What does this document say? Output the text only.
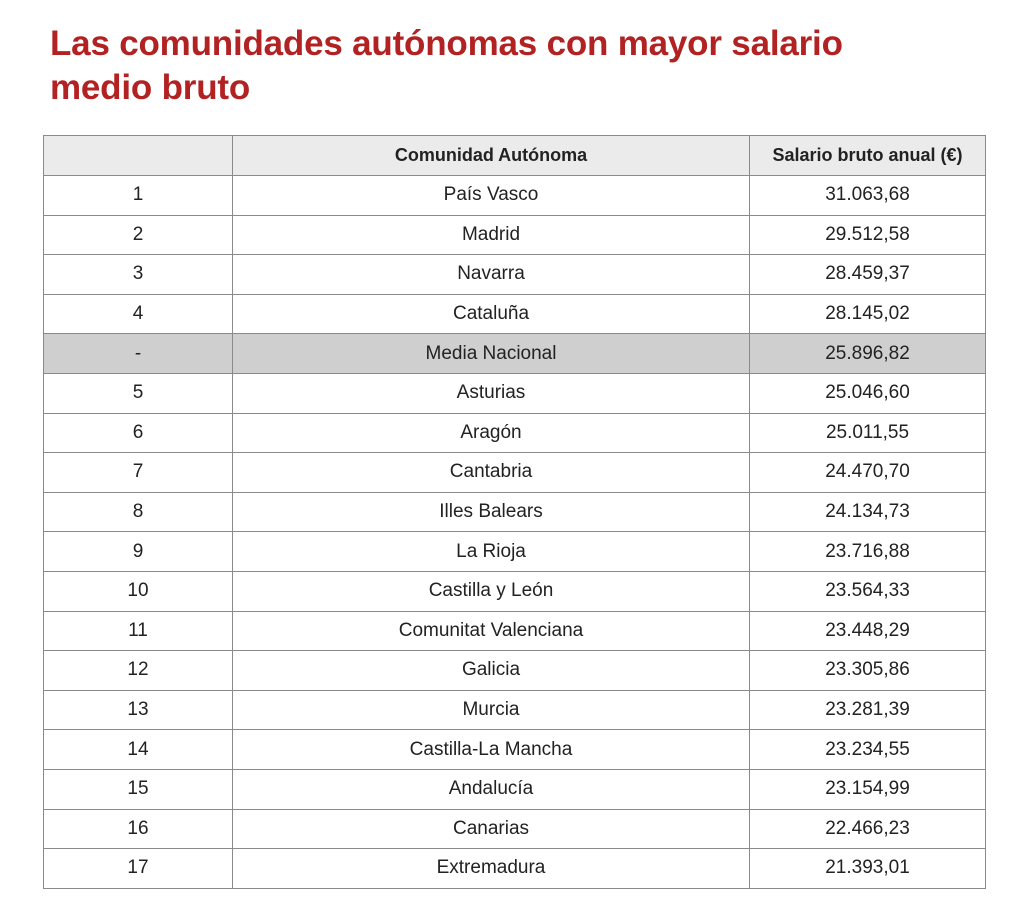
Las comunidades autónomas con mayor salario medio bruto
	Comunidad Autónoma	Salario bruto anual (€)
1	País Vasco	31.063,68
2	Madrid	29.512,58
3	Navarra	28.459,37
4	Cataluña	28.145,02
-	Media Nacional	25.896,82
5	Asturias	25.046,60
6	Aragón	25.011,55
7	Cantabria	24.470,70
8	Illes Balears	24.134,73
9	La Rioja	23.716,88
10	Castilla y León	23.564,33
11	Comunitat Valenciana	23.448,29
12	Galicia	23.305,86
13	Murcia	23.281,39
14	Castilla-La Mancha	23.234,55
15	Andalucía	23.154,99
16	Canarias	22.466,23
17	Extremadura	21.393,01
